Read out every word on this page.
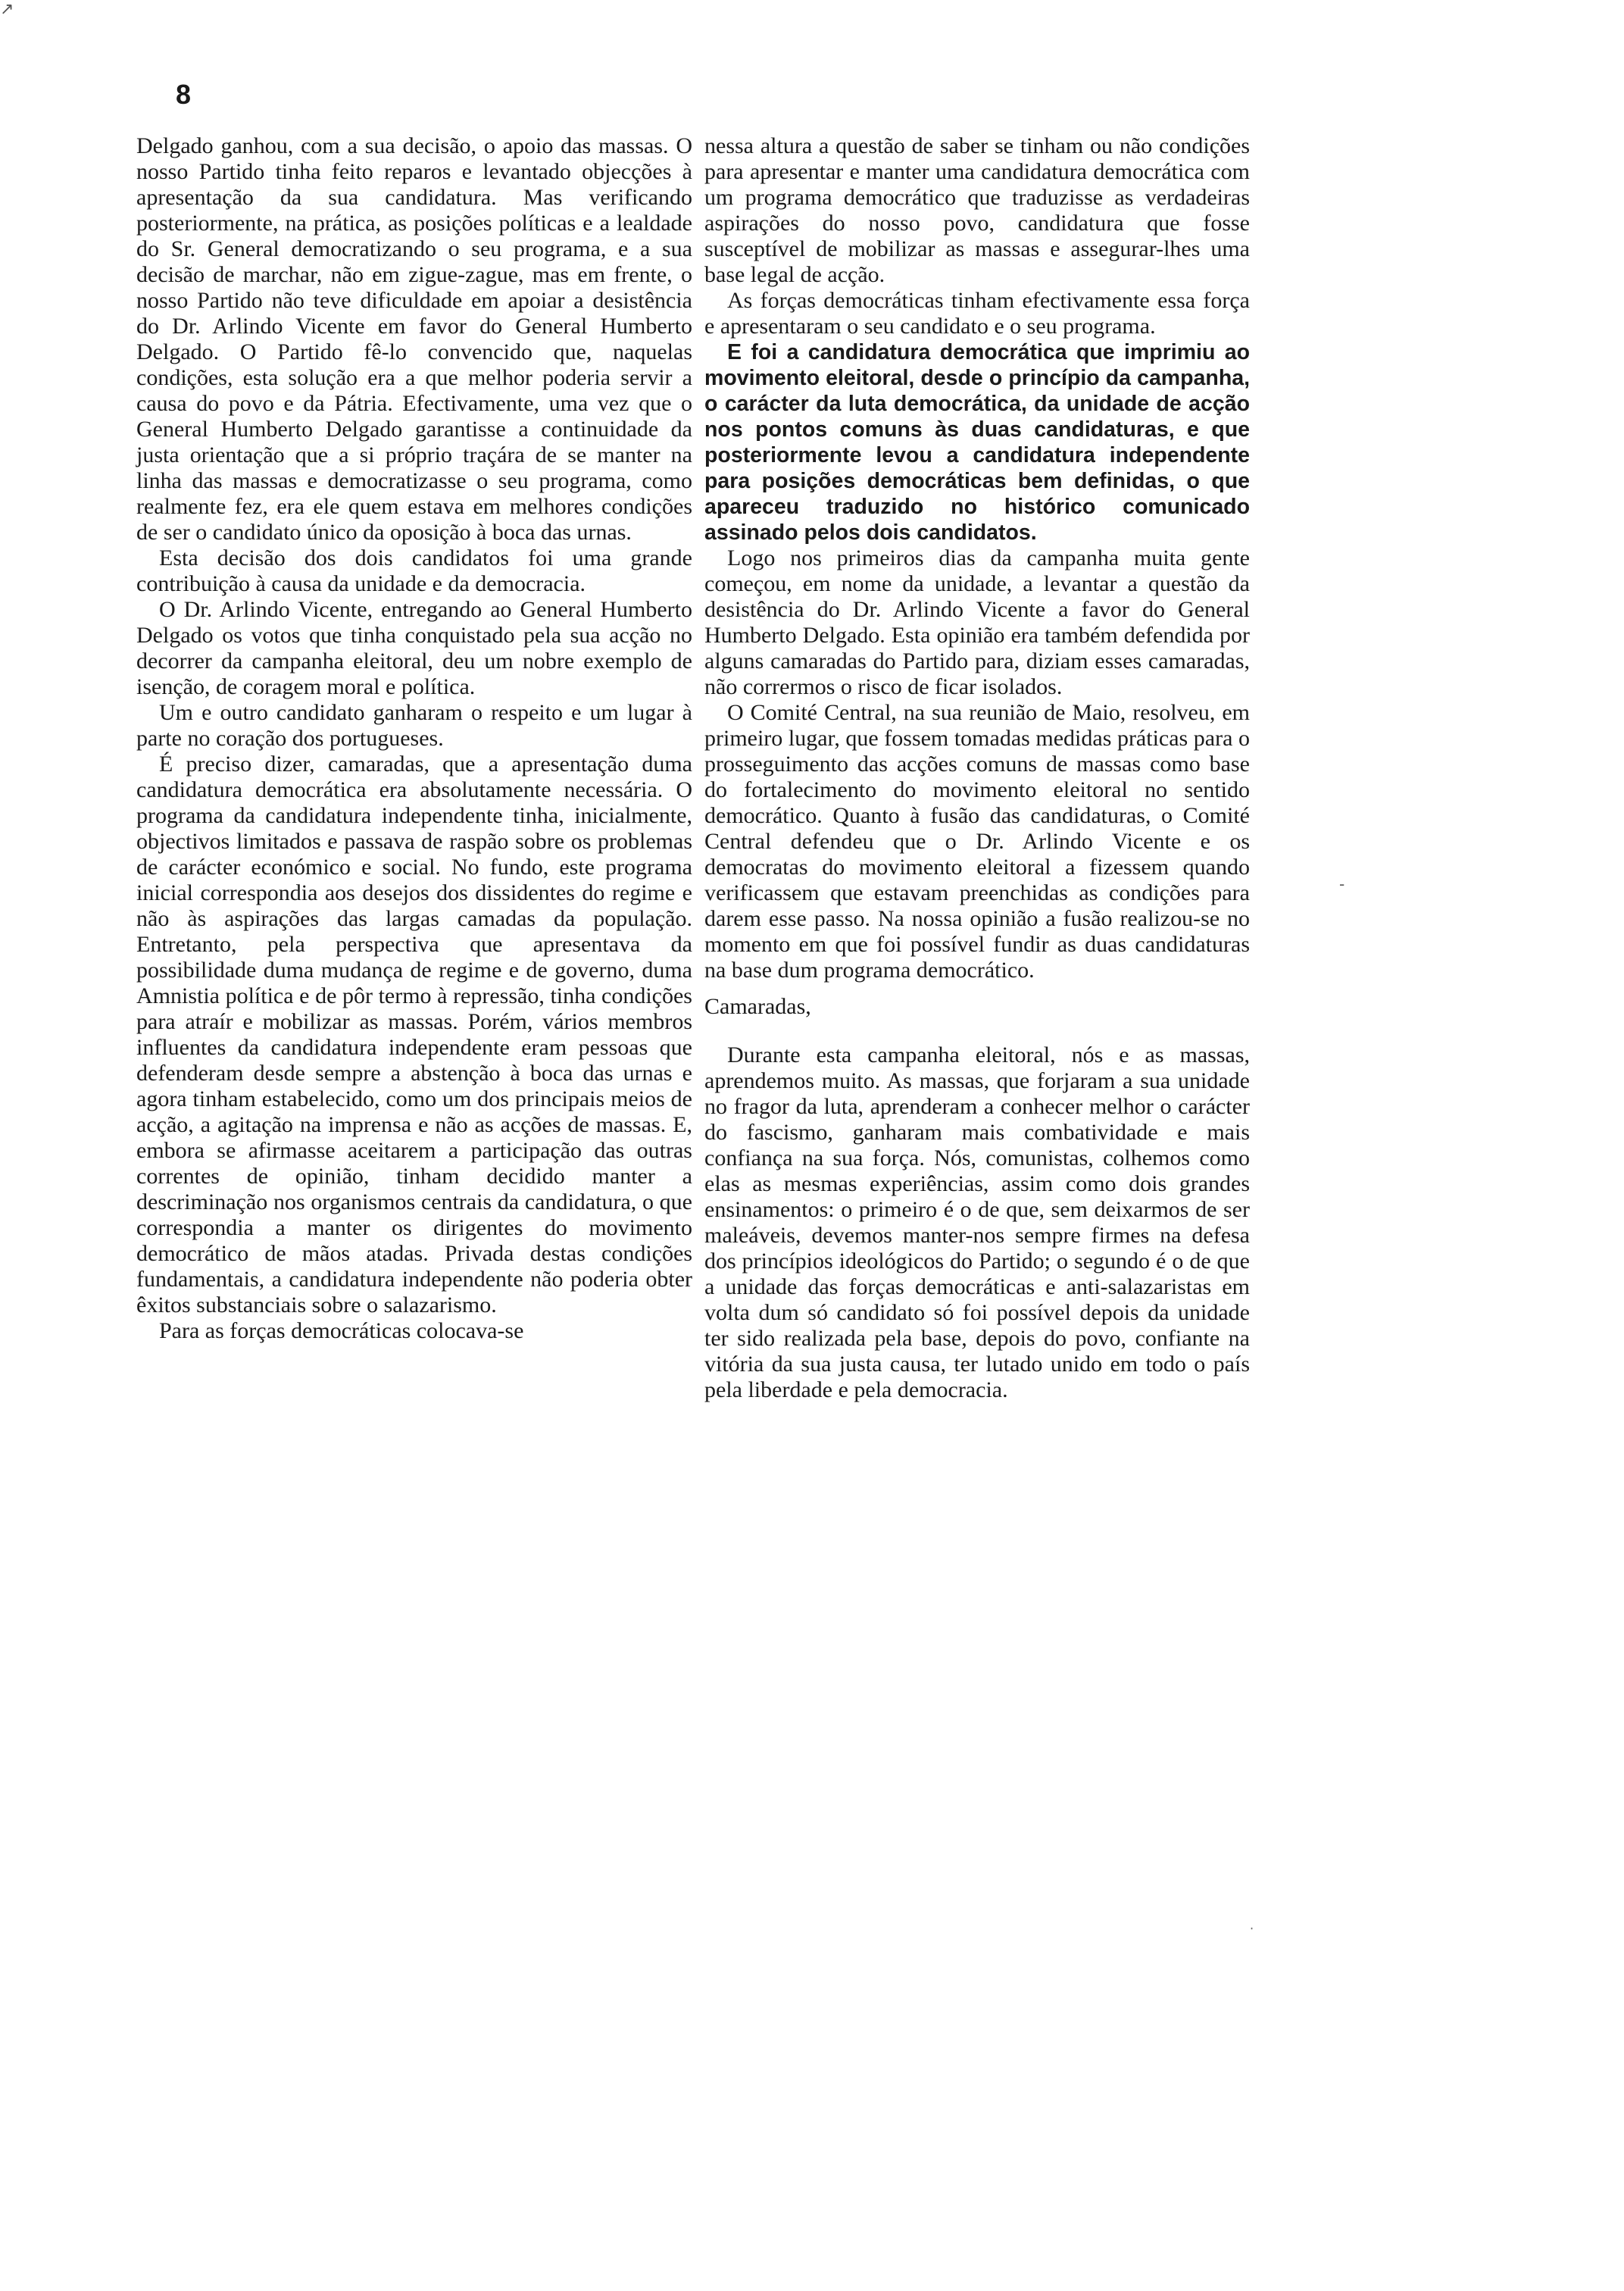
8

Delgado ganhou, com a sua decisão, o apoio das massas. O nosso Partido tinha feito reparos e levantado objecções à apresentação da sua candidatura. Mas verificando posteriormente, na prática, as posições políticas e a lealdade do Sr. General democratizando o seu programa, e a sua decisão de marchar, não em zigue-zague, mas em frente, o nosso Partido não teve dificuldade em apoiar a desistência do Dr. Arlindo Vicente em favor do General Humberto Delgado. O Partido fê-lo convencido que, naquelas condições, esta solução era a que melhor poderia servir a causa do povo e da Pátria. Efectivamente, uma vez que o General Humberto Delgado garantisse a continuidade da justa orientação que a si próprio traçára de se manter na linha das massas e democratizasse o seu programa, como realmente fez, era ele quem estava em melhores condições de ser o candidato único da oposição à boca das urnas.

Esta decisão dos dois candidatos foi uma grande contribuição à causa da unidade e da democracia.

O Dr. Arlindo Vicente, entregando ao General Humberto Delgado os votos que tinha conquistado pela sua acção no decorrer da campanha eleitoral, deu um nobre exemplo de isenção, de coragem moral e política.

Um e outro candidato ganharam o respeito e um lugar à parte no coração dos portugueses.

É preciso dizer, camaradas, que a apresentação duma candidatura democrática era absolutamente necessária. O programa da candidatura independente tinha, inicialmente, objectivos limitados e passava de raspão sobre os problemas de carácter económico e social. No fundo, este programa inicial correspondia aos desejos dos dissidentes do regime e não às aspirações das largas camadas da população. Entretanto, pela perspectiva que apresentava da possibilidade duma mudança de regime e de governo, duma Amnistia política e de pôr termo à repressão, tinha condições para atraír e mobilizar as massas. Porém, vários membros influentes da candidatura independente eram pessoas que defenderam desde sempre a abstenção à boca das urnas e agora tinham estabelecido, como um dos principais meios de acção, a agitação na imprensa e não as acções de massas. E, embora se afirmasse aceitarem a participação das outras correntes de opinião, tinham decidido manter a descriminação nos organismos centrais da candidatura, o que correspondia a manter os dirigentes do movimento democrático de mãos atadas. Privada destas condições fundamentais, a candidatura independente não poderia obter êxitos substanciais sobre o salazarismo.

Para as forças democráticas colocava-se

nessa altura a questão de saber se tinham ou não condições para apresentar e manter uma candidatura democrática com um programa democrático que traduzisse as verdadeiras aspirações do nosso povo, candidatura que fosse susceptível de mobilizar as massas e assegurar-lhes uma base legal de acção.

As forças democráticas tinham efectivamente essa força e apresentaram o seu candidato e o seu programa.

E foi a candidatura democrática que imprimiu ao movimento eleitoral, desde o princípio da campanha, o carácter da luta democrática, da unidade de acção nos pontos comuns às duas candidaturas, e que posteriormente levou a candidatura independente para posições democráticas bem definidas, o que apareceu traduzido no histórico comunicado assinado pelos dois candidatos.

Logo nos primeiros dias da campanha muita gente começou, em nome da unidade, a levantar a questão da desistência do Dr. Arlindo Vicente a favor do General Humberto Delgado. Esta opinião era também defendida por alguns camaradas do Partido para, diziam esses camaradas, não corrermos o risco de ficar isolados.

O Comité Central, na sua reunião de Maio, resolveu, em primeiro lugar, que fossem tomadas medidas práticas para o prosseguimento das acções comuns de massas como base do fortalecimento do movimento eleitoral no sentido democrático. Quanto à fusão das candidaturas, o Comité Central defendeu que o Dr. Arlindo Vicente e os democratas do movimento eleitoral a fizessem quando verificassem que estavam preenchidas as condições para darem esse passo. Na nossa opinião a fusão realizou-se no momento em que foi possível fundir as duas candidaturas na base dum programa democrático.

Camaradas,

Durante esta campanha eleitoral, nós e as massas, aprendemos muito. As massas, que forjaram a sua unidade no fragor da luta, aprenderam a conhecer melhor o carácter do fascismo, ganharam mais combatividade e mais confiança na sua força. Nós, comunistas, colhemos como elas as mesmas experiências, assim como dois grandes ensinamentos: o primeiro é o de que, sem deixarmos de ser maleáveis, devemos manter-nos sempre firmes na defesa dos princípios ideológicos do Partido; o segundo é o de que a unidade das forças democráticas e anti-salazaristas em volta dum só candidato só foi possível depois da unidade ter sido realizada pela base, depois do povo, confiante na vitória da sua justa causa, ter lutado unido em todo o país pela liberdade e pela democracia.

↗
-
·
